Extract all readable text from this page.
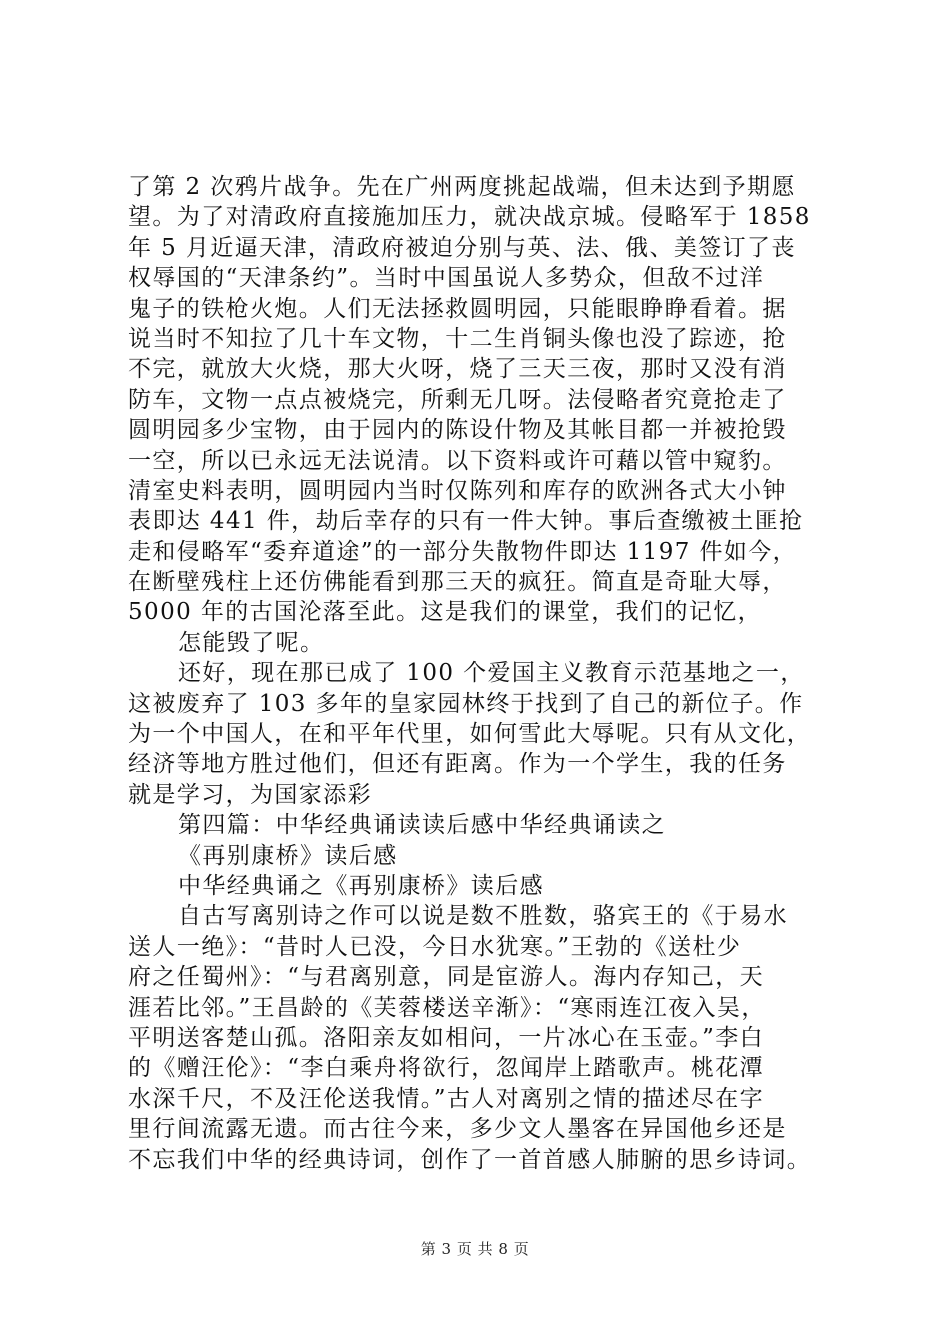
了第 2 次鸦片战争。先在广州两度挑起战端，但未达到予期愿
望。为了对清政府直接施加压力，就决战京城。侵略军于 1858
年 5 月近逼天津，清政府被迫分别与英、法、俄、美签订了丧
权辱国的“天津条约”。当时中国虽说人多势众，但敌不过洋
鬼子的铁枪火炮。人们无法拯救圆明园，只能眼睁睁看着。据
说当时不知拉了几十车文物，十二生肖铜头像也没了踪迹，抢
不完，就放大火烧，那大火呀，烧了三天三夜，那时又没有消
防车，文物一点点被烧完，所剩无几呀。法侵略者究竟抢走了
圆明园多少宝物，由于园内的陈设什物及其帐目都一并被抢毁
一空，所以已永远无法说清。以下资料或许可藉以管中窥豹。
清室史料表明，圆明园内当时仅陈列和库存的欧洲各式大小钟
表即达 441 件，劫后幸存的只有一件大钟。事后查缴被土匪抢
走和侵略军“委弃道途”的一部分失散物件即达 1197 件如今，
在断壁残柱上还仿佛能看到那三天的疯狂。简直是奇耻大辱，
5000 年的古国沦落至此。这是我们的课堂，我们的记忆，
怎能毁了呢。
还好，现在那已成了 100 个爱国主义教育示范基地之一，
这被废弃了 103 多年的皇家园林终于找到了自己的新位子。作
为一个中国人，在和平年代里，如何雪此大辱呢。只有从文化，
经济等地方胜过他们，但还有距离。作为一个学生，我的任务
就是学习，为国家添彩
第四篇：中华经典诵读读后感中华经典诵读之
《再别康桥》读后感
中华经典诵之《再别康桥》读后感
自古写离别诗之作可以说是数不胜数，骆宾王的《于易水
送人一绝》：“昔时人已没，今日水犹寒。”王勃的《送杜少
府之任蜀州》：“与君离别意，同是宦游人。海内存知己，天
涯若比邻。”王昌龄的《芙蓉楼送辛渐》：“寒雨连江夜入吴，
平明送客楚山孤。洛阳亲友如相问，一片冰心在玉壶。”李白
的《赠汪伦》：“李白乘舟将欲行，忽闻岸上踏歌声。桃花潭
水深千尺，不及汪伦送我情。”古人对离别之情的描述尽在字
里行间流露无遗。而古往今来，多少文人墨客在异国他乡还是
不忘我们中华的经典诗词，创作了一首首感人肺腑的思乡诗词。
第 3 页 共 8 页
